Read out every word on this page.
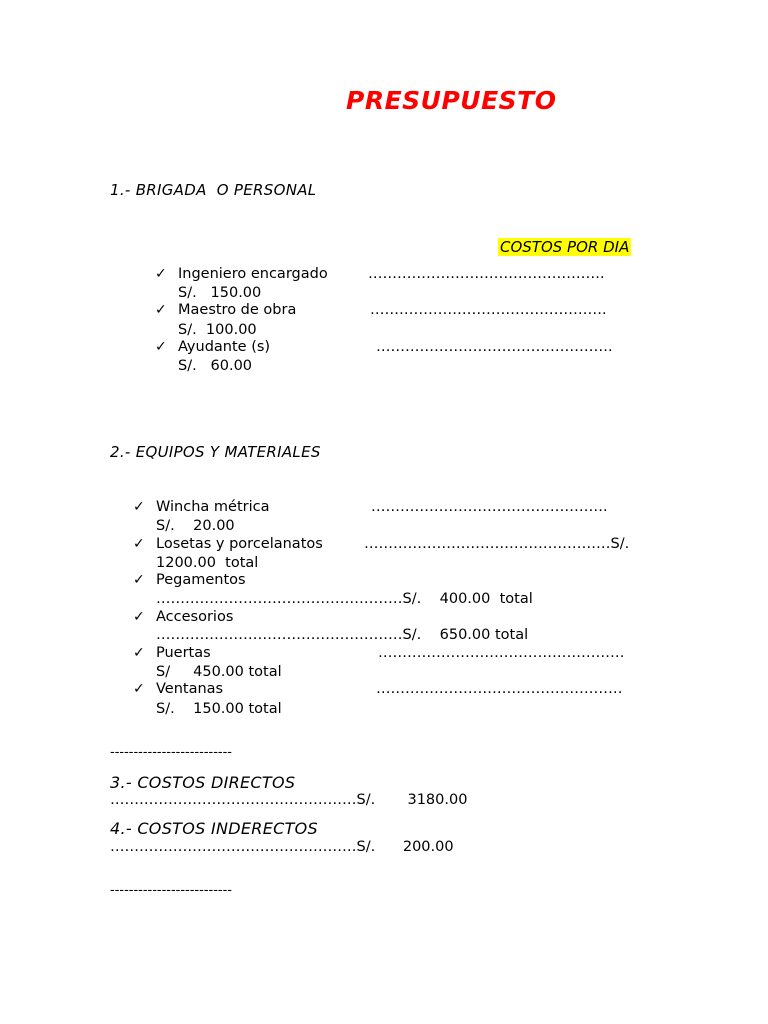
PRESUPUESTO
1.- BRIGADA  O PERSONAL
COSTOS POR DIA
✓ Ingeniero encargado	………………………………………….
S/.   150.00
✓ Maestro de obra	………………………………………….
S/.  100.00
✓ Ayudante (s)	………………………………………….
S/.   60.00
2.- EQUIPOS Y MATERIALES
✓ Wincha métrica	………………………………………….
S/.    20.00
✓ Losetas y porcelanatos	……………………………………………S/.
1200.00  total
✓ Pegamentos
……………………………………………S/.    400.00  total
✓ Accesorios
……………………………………………S/.    650.00 total
✓ Puertas	……………………………………………
S/     450.00 total
✓ Ventanas	……………………………………………
S/.    150.00 total
--------------------------
3.- COSTOS DIRECTOS
……………………………………………S/.       3180.00
4.- COSTOS INDERECTOS
……………………………………………S/.      200.00
--------------------------
